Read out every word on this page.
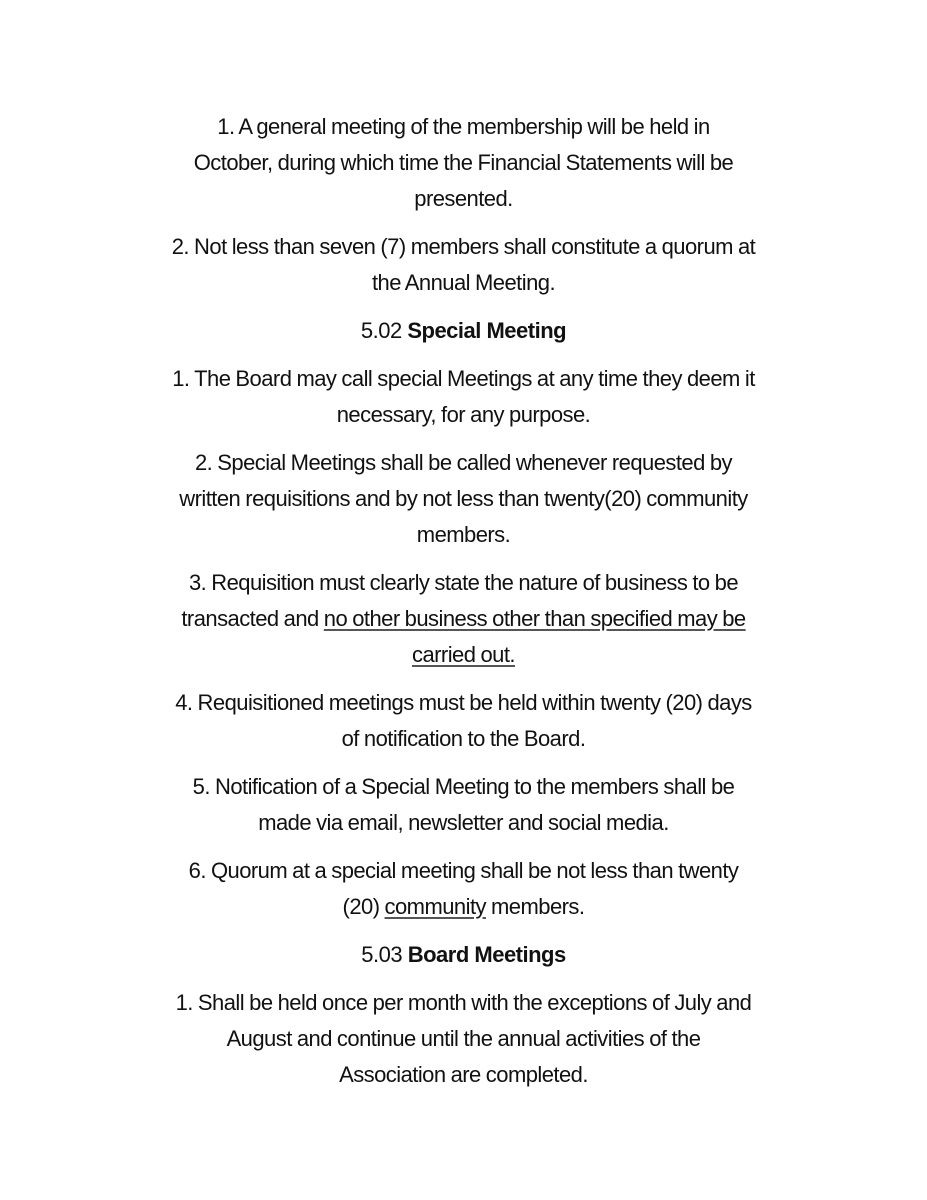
1. A general meeting of the membership will be held in
October, during which time the Financial Statements will be
presented.

2. Not less than seven (7) members shall constitute a quorum at
the Annual Meeting.

5.02 Special Meeting

1. The Board may call special Meetings at any time they deem it
necessary, for any purpose.

2. Special Meetings shall be called whenever requested by
written requisitions and by not less than twenty(20) community
members.

3. Requisition must clearly state the nature of business to be
transacted and no other business other than specified may be
carried out.

4. Requisitioned meetings must be held within twenty (20) days
of notification to the Board.

5. Notification of a Special Meeting to the members shall be
made via email, newsletter and social media.

6. Quorum at a special meeting shall be not less than twenty
(20) community members.

5.03 Board Meetings

1. Shall be held once per month with the exceptions of July and
August and continue until the annual activities of the
Association are completed.
